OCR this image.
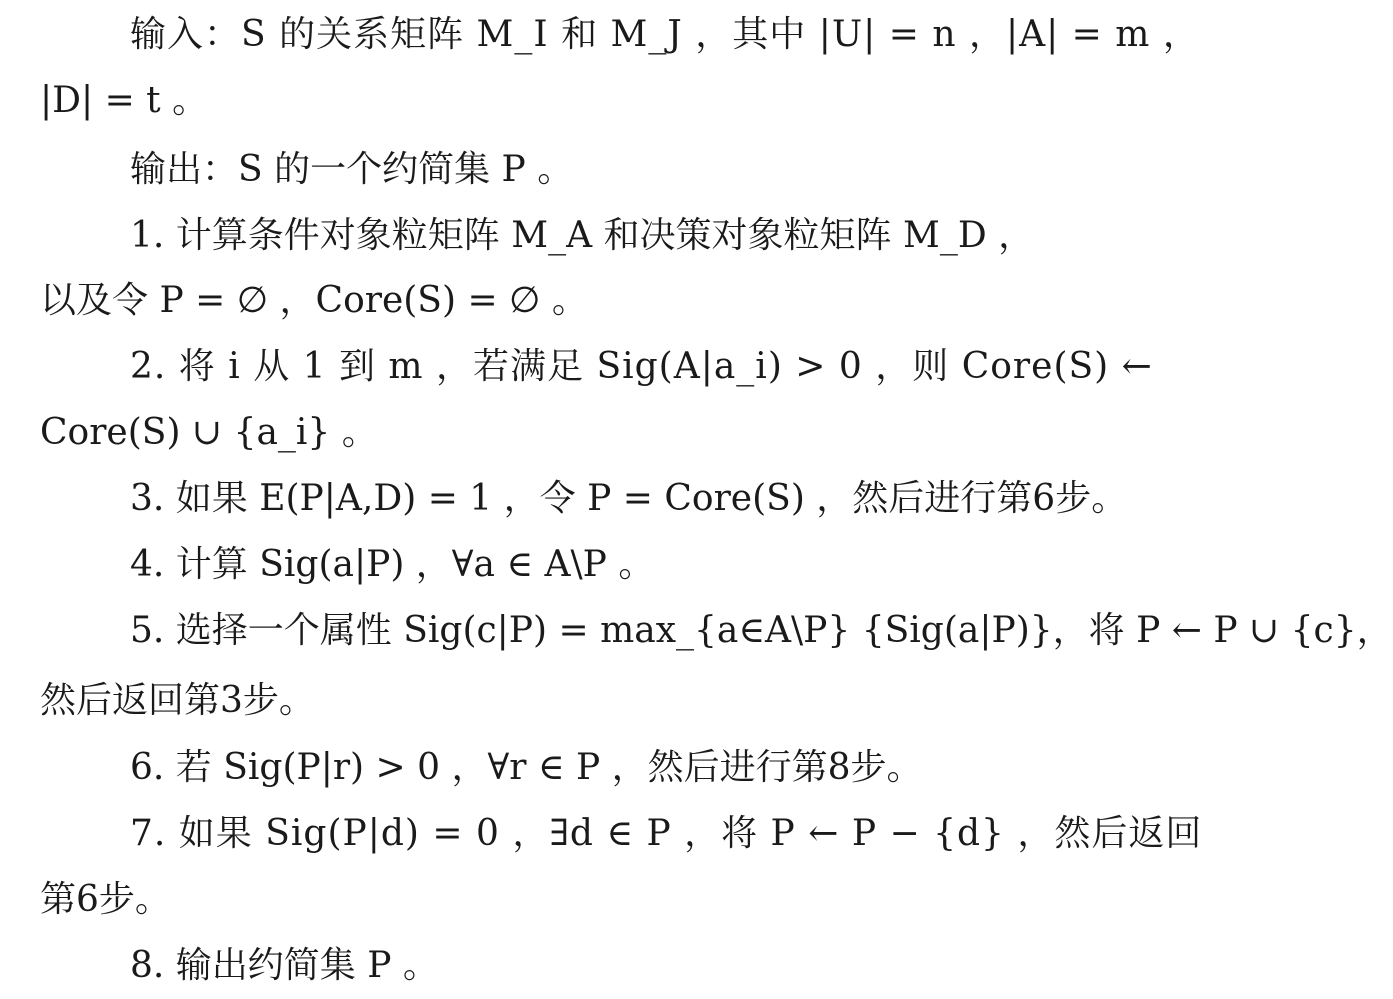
输入：S 的关系矩阵 M_I 和 M_J ，其中 |U| = n ，|A| = m ，
|D| = t 。
输出：S 的一个约简集 P 。
1. 计算条件对象粒矩阵 M_A 和决策对象粒矩阵 M_D ，
以及令 P = ∅ ，Core(S) = ∅ 。
2. 将 i 从 1 到 m ，若满足 Sig(A|a_i) > 0 ，则 Core(S) ←
Core(S) ∪ {a_i} 。
3. 如果 E(P|A,D) = 1 ，令 P = Core(S) ，然后进行第6步。
4. 计算 Sig(a|P) ，∀a ∈ A\P 。
5. 选择一个属性 Sig(c|P) = max_{a∈A\P} {Sig(a|P)}，将 P ← P ∪ {c}，
然后返回第3步。
6. 若 Sig(P|r) > 0 ，∀r ∈ P ，然后进行第8步。
7. 如果 Sig(P|d) = 0 ，∃d ∈ P ，将 P ← P − {d} ，然后返回
第6步。
8. 输出约简集 P 。
